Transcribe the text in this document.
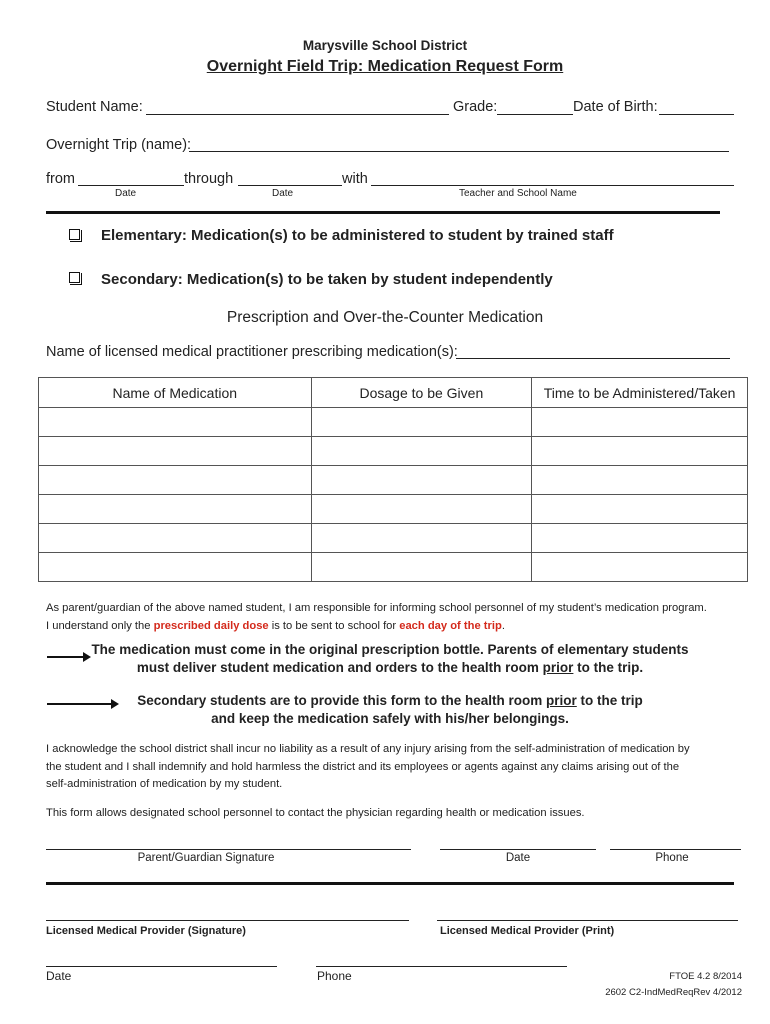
Marysville School District
Overnight Field Trip: Medication Request Form
Student Name:	Grade:	Date of Birth:
Overnight Trip (name):
from	through	with
Date	Date	Teacher and School Name
Elementary: Medication(s) to be administered to student by trained staff
Secondary: Medication(s) to be taken by student independently
Prescription and Over-the-Counter Medication
Name of licensed medical practitioner prescribing medication(s):
Name of Medication	Dosage to be Given	Time to be Administered/Taken

As parent/guardian of the above named student, I am responsible for informing school personnel of my student’s medication program.
I understand only the prescribed daily dose is to be sent to school for each day of the trip.
The medication must come in the original prescription bottle. Parents of elementary students
must deliver student medication and orders to the health room prior to the trip.
Secondary students are to provide this form to the health room prior to the trip
and keep the medication safely with his/her belongings.
I acknowledge the school district shall incur no liability as a result of any injury arising from the self-administration of medication by
the student and I shall indemnify and hold harmless the district and its employees or agents against any claims arising out of the
self-administration of medication by my student.
This form allows designated school personnel to contact the physician regarding health or medication issues.
Parent/Guardian Signature	Date	Phone
Licensed Medical Provider (Signature)	Licensed Medical Provider (Print)
Date	Phone	FTOE 4.2 8/2014
2602 C2-IndMedReqRev 4/2012
